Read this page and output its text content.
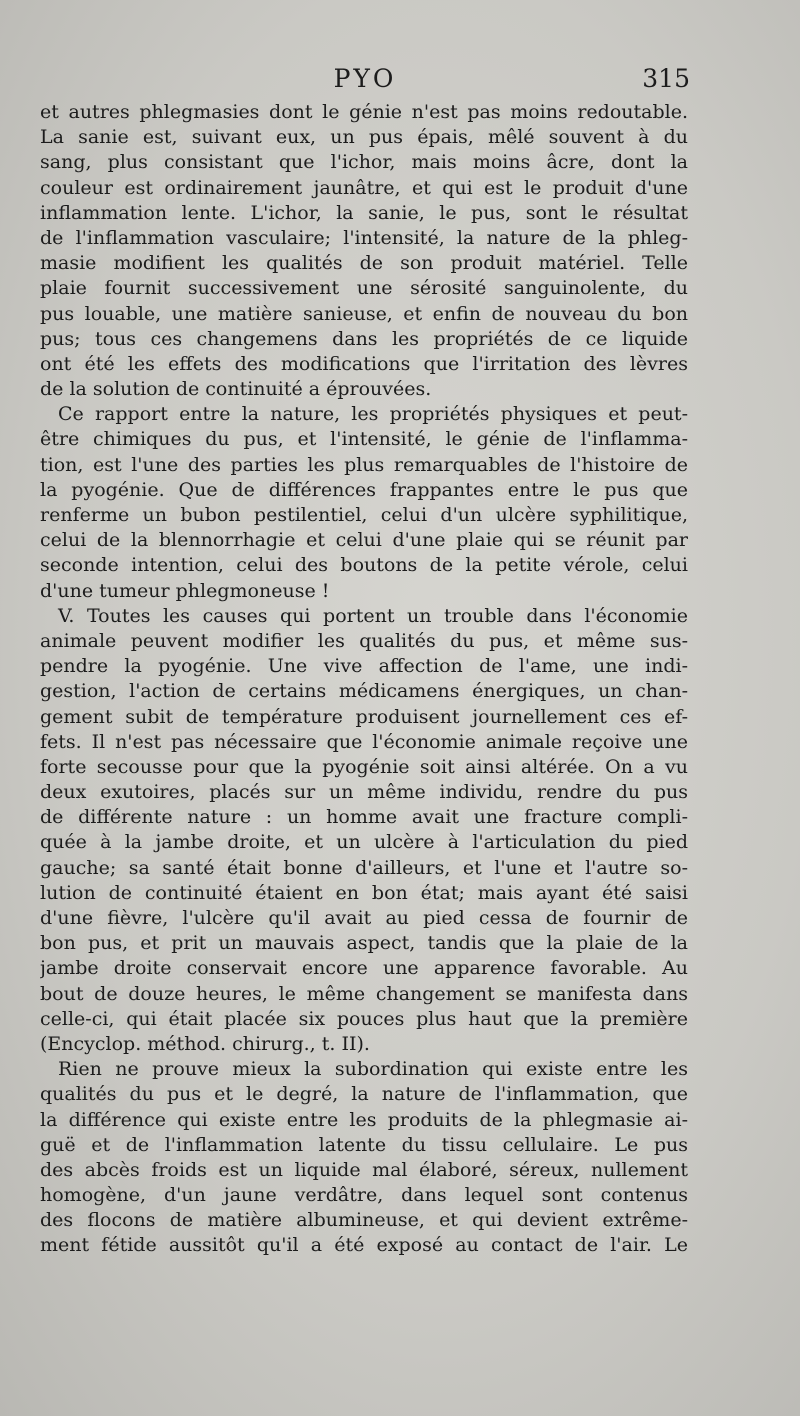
PYO	315
et autres phlegmasies dont le génie n'est pas moins redoutable.
La sanie est, suivant eux, un pus épais, mêlé souvent à du
sang, plus consistant que l'ichor, mais moins âcre, dont la
couleur est ordinairement jaunâtre, et qui est le produit d'une
inflammation lente. L'ichor, la sanie, le pus, sont le résultat
de l'inflammation vasculaire; l'intensité, la nature de la phleg-
masie modifient les qualités de son produit matériel. Telle
plaie fournit successivement une sérosité sanguinolente, du
pus louable, une matière sanieuse, et enfin de nouveau du bon
pus; tous ces changemens dans les propriétés de ce liquide
ont été les effets des modifications que l'irritation des lèvres
de la solution de continuité a éprouvées.
Ce rapport entre la nature, les propriétés physiques et peut-
être chimiques du pus, et l'intensité, le génie de l'inflamma-
tion, est l'une des parties les plus remarquables de l'histoire de
la pyogénie. Que de différences frappantes entre le pus que
renferme un bubon pestilentiel, celui d'un ulcère syphilitique,
celui de la blennorrhagie et celui d'une plaie qui se réunit par
seconde intention, celui des boutons de la petite vérole, celui
d'une tumeur phlegmoneuse !
V. Toutes les causes qui portent un trouble dans l'économie
animale peuvent modifier les qualités du pus, et même sus-
pendre la pyogénie. Une vive affection de l'ame, une indi-
gestion, l'action de certains médicamens énergiques, un chan-
gement subit de température produisent journellement ces ef-
fets. Il n'est pas nécessaire que l'économie animale reçoive une
forte secousse pour que la pyogénie soit ainsi altérée. On a vu
deux exutoires, placés sur un même individu, rendre du pus
de différente nature : un homme avait une fracture compli-
quée à la jambe droite, et un ulcère à l'articulation du pied
gauche; sa santé était bonne d'ailleurs, et l'une et l'autre so-
lution de continuité étaient en bon état; mais ayant été saisi
d'une fièvre, l'ulcère qu'il avait au pied cessa de fournir de
bon pus, et prit un mauvais aspect, tandis que la plaie de la
jambe droite conservait encore une apparence favorable. Au
bout de douze heures, le même changement se manifesta dans
celle-ci, qui était placée six pouces plus haut que la première
(Encyclop. méthod. chirurg., t. II).
Rien ne prouve mieux la subordination qui existe entre les
qualités du pus et le degré, la nature de l'inflammation, que
la différence qui existe entre les produits de la phlegmasie ai-
guë et de l'inflammation latente du tissu cellulaire. Le pus
des abcès froids est un liquide mal élaboré, séreux, nullement
homogène, d'un jaune verdâtre, dans lequel sont contenus
des flocons de matière albumineuse, et qui devient extrême-
ment fétide aussitôt qu'il a été exposé au contact de l'air. Le
